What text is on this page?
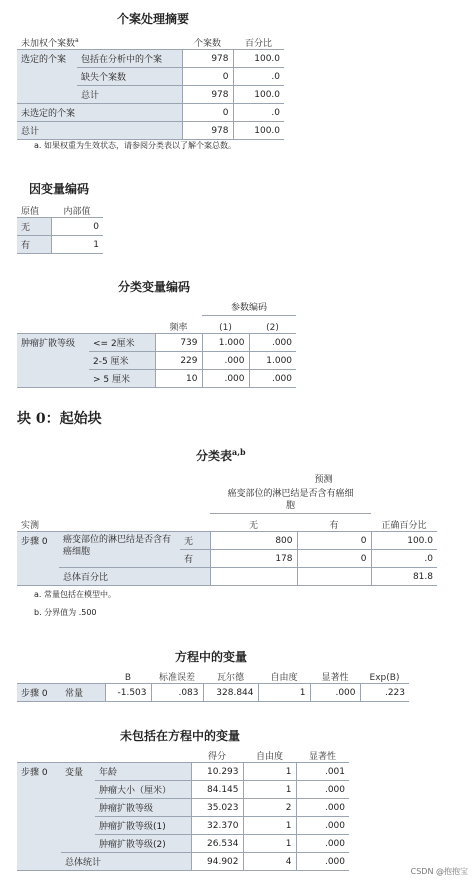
个案处理摘要
未加权个案数$^a$		个案数	百分比
选定的个案	包括在分析中的个案	978	100.0
	缺失个案数	0	.0
	总计	978	100.0
未选定的个案		0	.0
总计		978	100.0
a. 如果权重为生效状态，请参阅分类表以了解个案总数。
因变量编码
原值	内部值
无	0
有	1
分类变量编码
			参数编码	
		频率	(1)	(2)
肿瘤扩散等级	<= 2厘米	739	1.000	.000
	2-5 厘米	229	.000	1.000
	> 5 厘米	10	.000	.000
块 0：起始块
分类表$^{a,b}$
			预测		
			癌变部位的淋巴结是否含有癌细胞		
实测			无	有	正确百分比
步骤 0	癌变部位的淋巴结是否含有癌细胞	无	800	0	100.0
		有	178	0	.0
	总体百分比				81.8
a. 常量包括在模型中。
b. 分界值为 .500
方程中的变量
		B	标准误差	瓦尔德	自由度	显著性	Exp(B)
步骤 0	常量	-1.503	.083	328.844	1	.000	.223
未包括在方程中的变量
			得分	自由度	显著性
步骤 0	变量	年龄	10.293	1	.001
		肿瘤大小（厘米）	84.145	1	.000
		肿瘤扩散等级	35.023	2	.000
		肿瘤扩散等级(1)	32.370	1	.000
		肿瘤扩散等级(2)	26.534	1	.000
	总体统计		94.902	4	.000
CSDN @抱抱宝
